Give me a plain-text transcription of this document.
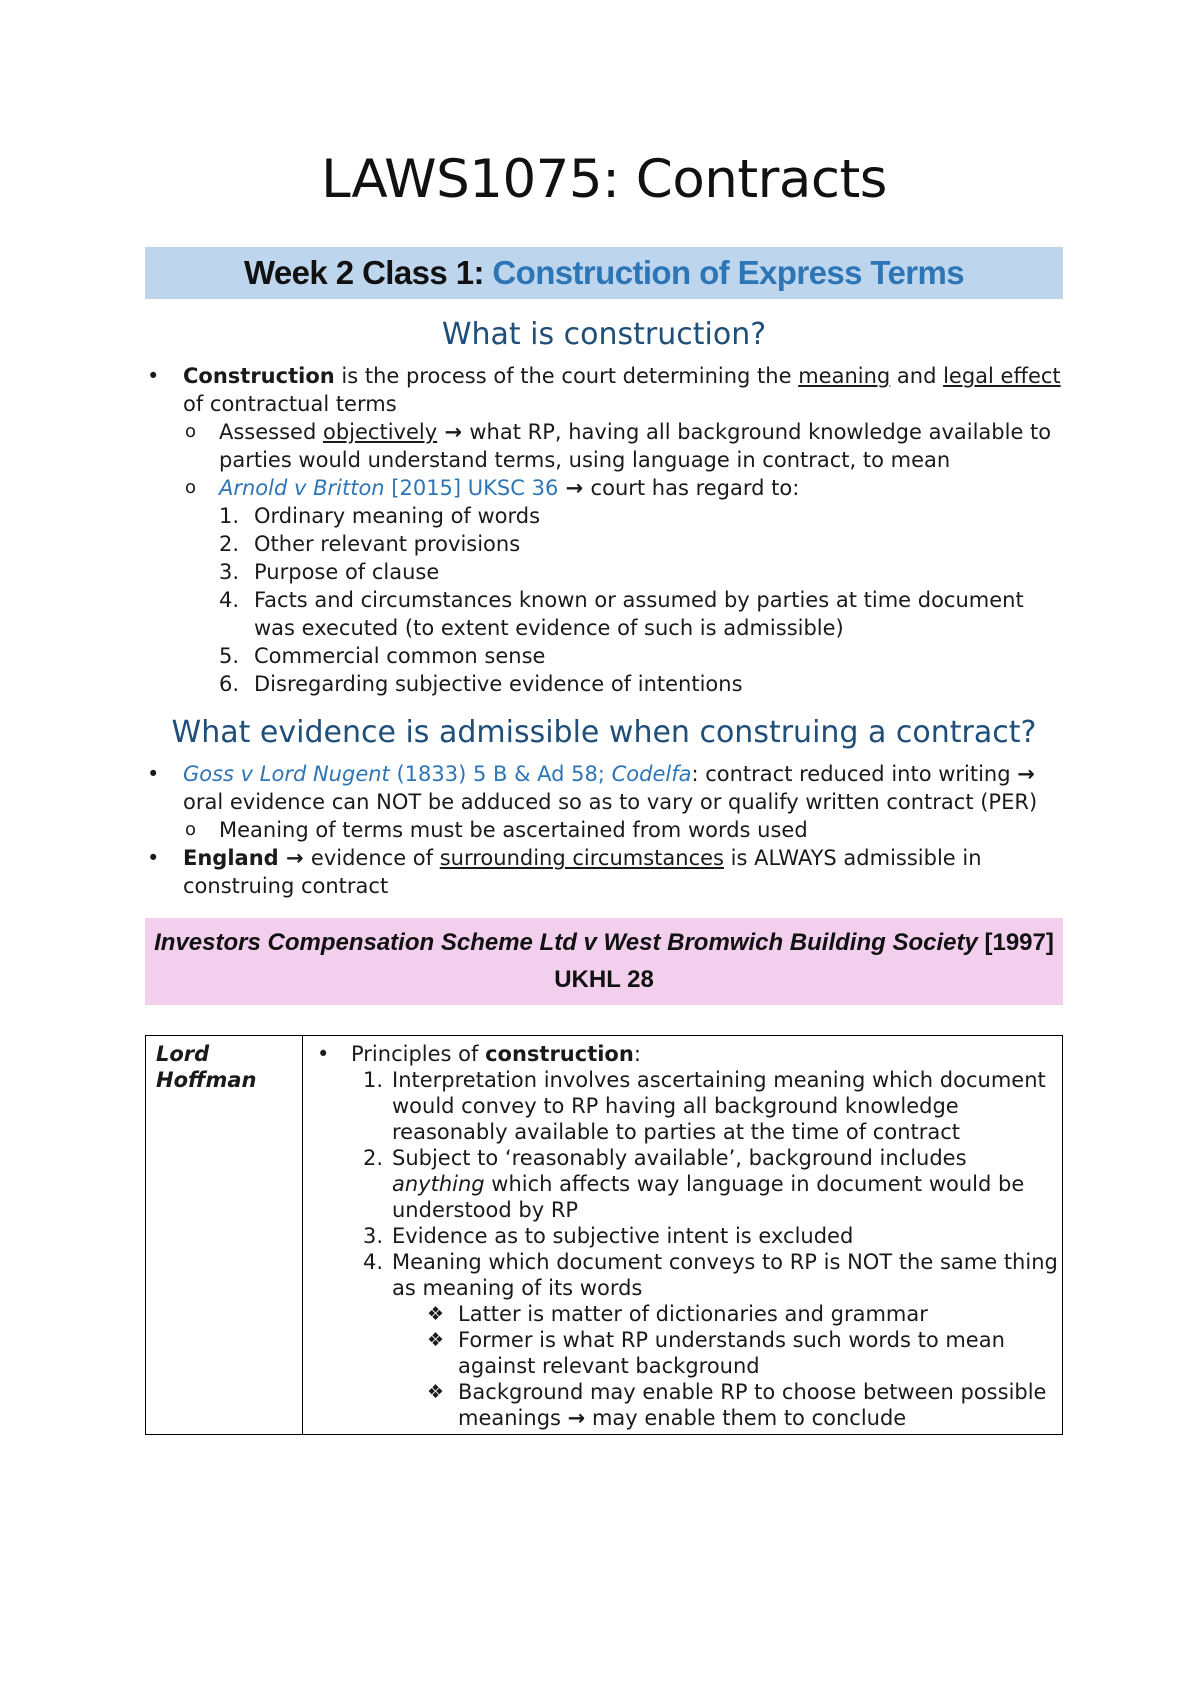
LAWS1075: Contracts
Week 2 Class 1: Construction of Express Terms
What is construction?
• Construction is the process of the court determining the meaning and legal effect of contractual terms
o Assessed objectively → what RP, having all background knowledge available to parties would understand terms, using language in contract, to mean
o Arnold v Britton [2015] UKSC 36 → court has regard to:
1. Ordinary meaning of words
2. Other relevant provisions
3. Purpose of clause
4. Facts and circumstances known or assumed by parties at time document was executed (to extent evidence of such is admissible)
5. Commercial common sense
6. Disregarding subjective evidence of intentions
What evidence is admissible when construing a contract?
• Goss v Lord Nugent (1833) 5 B & Ad 58; Codelfa: contract reduced into writing → oral evidence can NOT be adduced so as to vary or qualify written contract (PER)
o Meaning of terms must be ascertained from words used
• England → evidence of surrounding circumstances is ALWAYS admissible in construing contract
Investors Compensation Scheme Ltd v West Bromwich Building Society [1997] UKHL 28
Lord Hoffman	
• Principles of construction:
1. Interpretation involves ascertaining meaning which document would convey to RP having all background knowledge reasonably available to parties at the time of contract
2. Subject to ‘reasonably available’, background includes anything which affects way language in document would be understood by RP
3. Evidence as to subjective intent is excluded
4. Meaning which document conveys to RP is NOT the same thing as meaning of its words
❖ Latter is matter of dictionaries and grammar
❖ Former is what RP understands such words to mean against relevant background
❖ Background may enable RP to choose between possible meanings → may enable them to conclude
